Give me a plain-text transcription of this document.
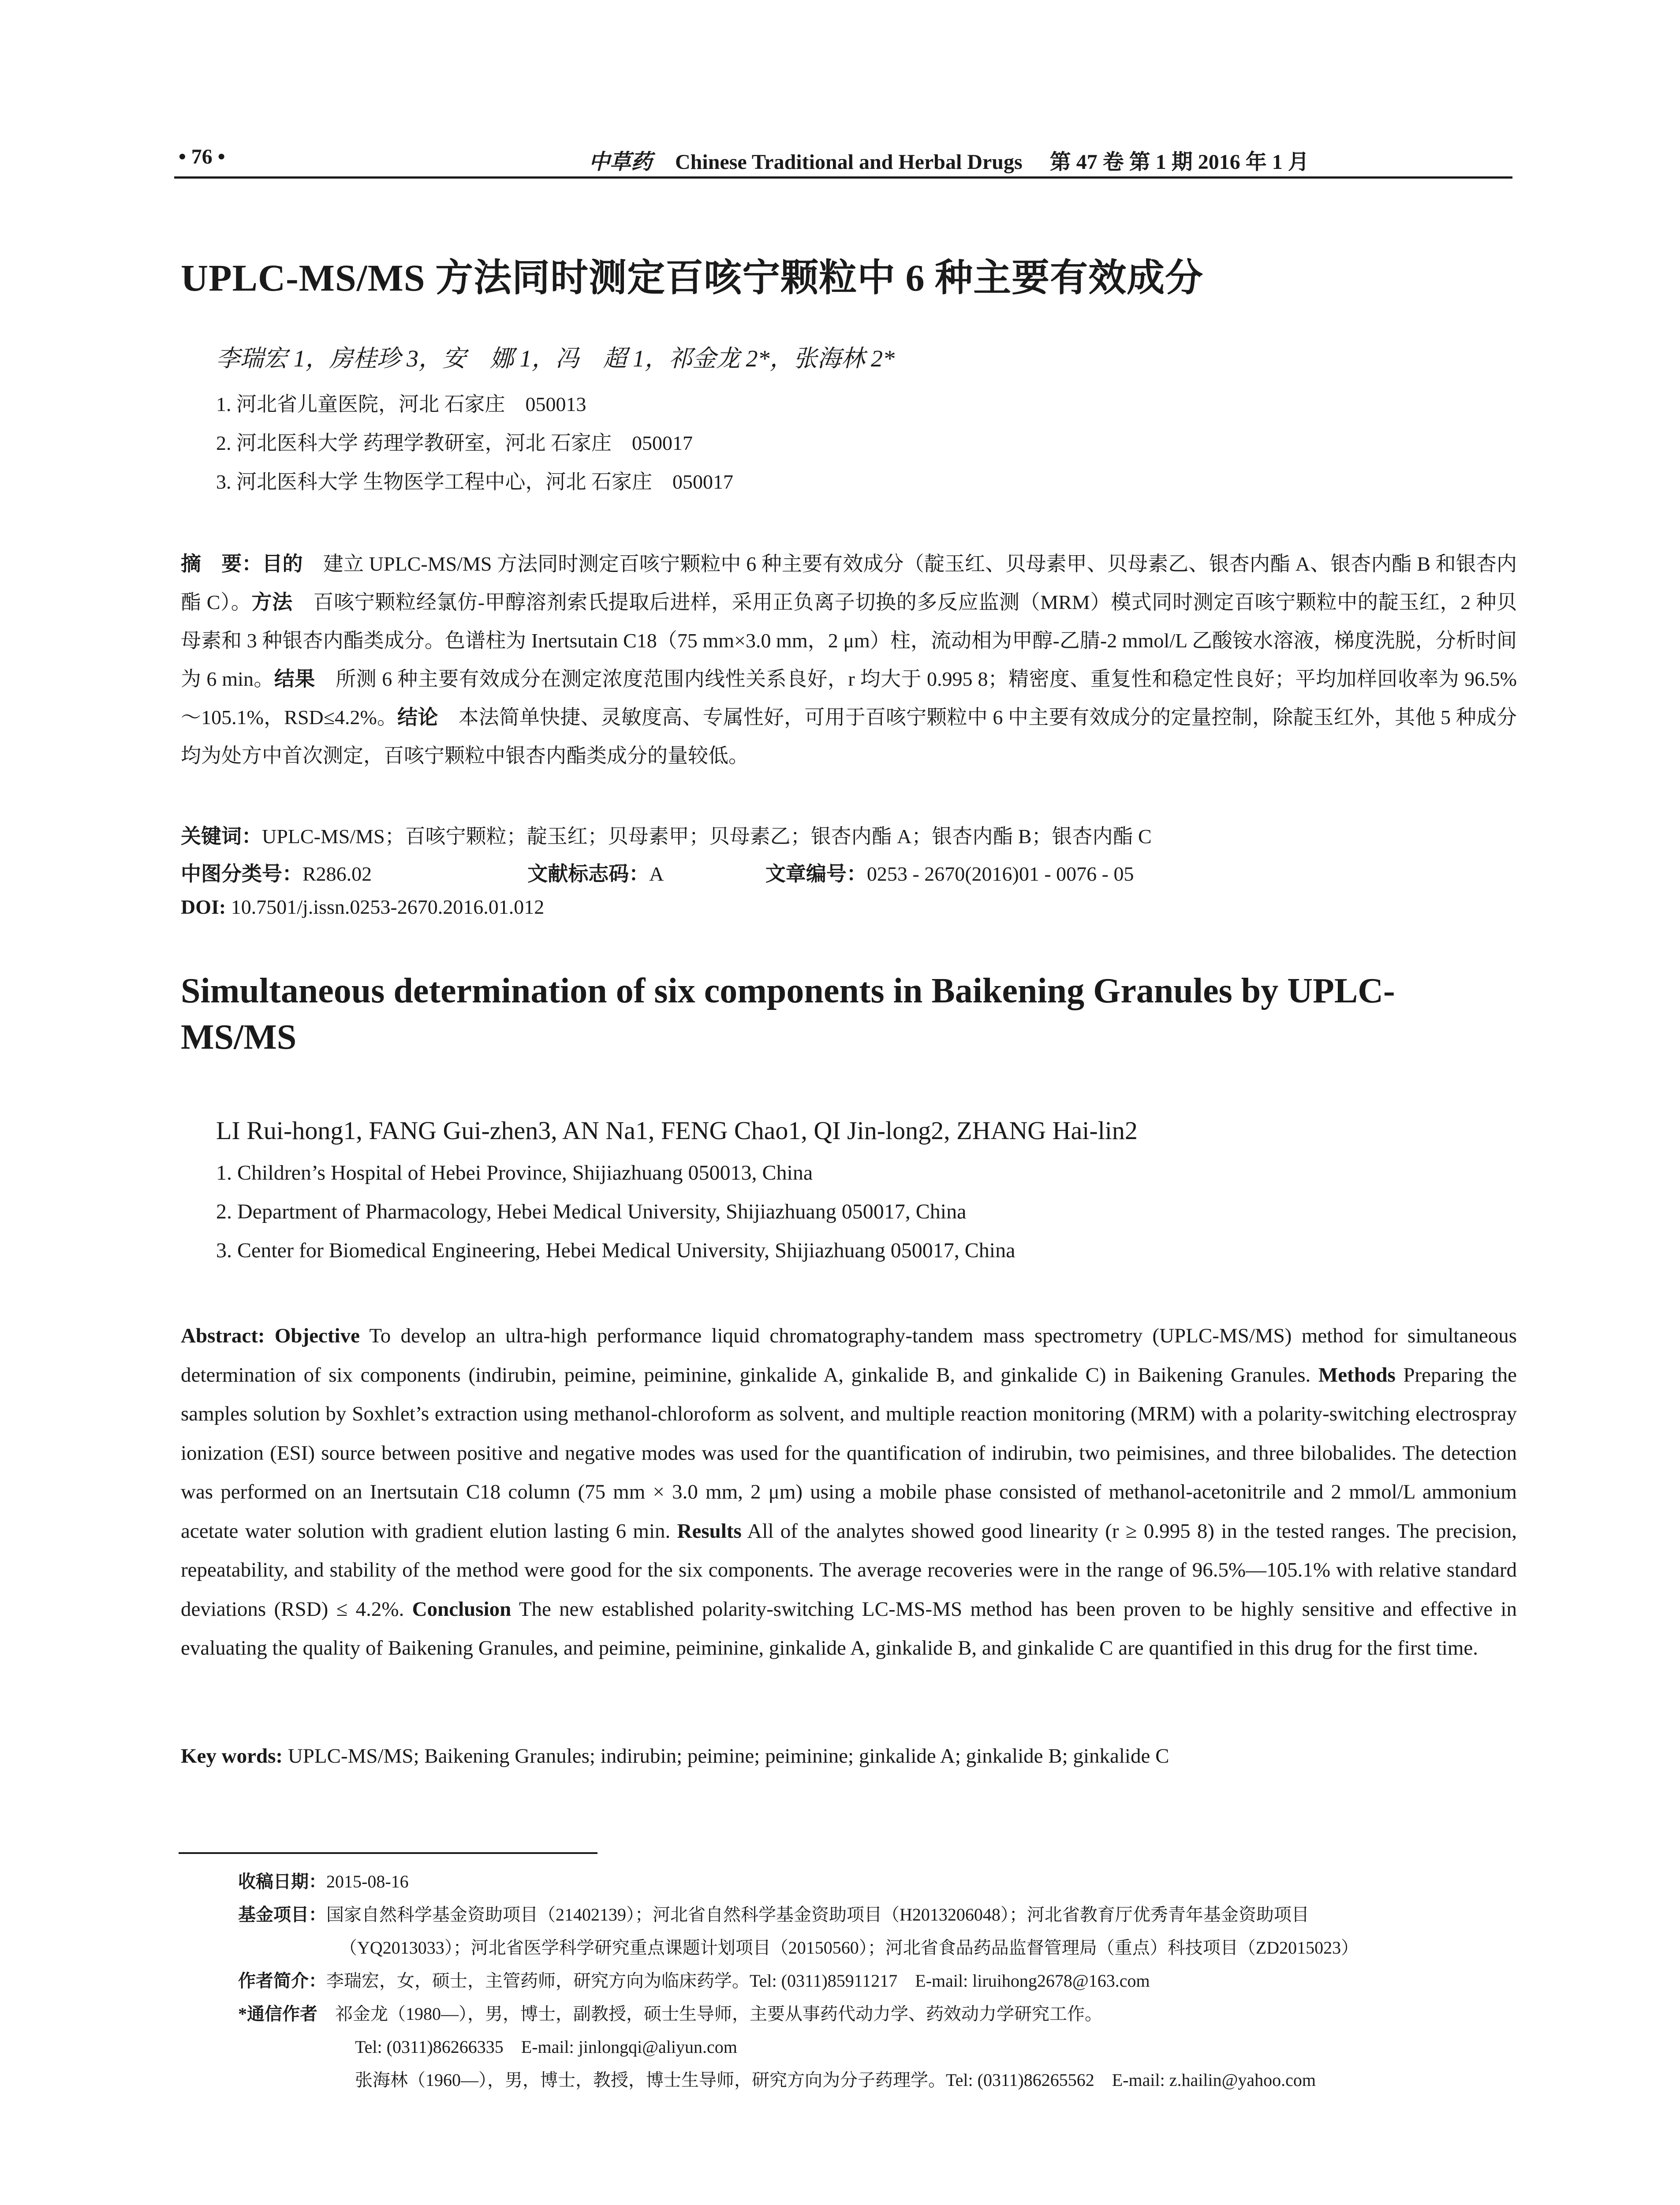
• 76 •	中草药 Chinese Traditional and Herbal Drugs 第 47 卷 第 1 期 2016 年 1 月
UPLC-MS/MS 方法同时测定百咳宁颗粒中 6 种主要有效成分
李瑞宏 1，房桂珍 3，安　娜 1，冯　超 1，祁金龙 2*，张海林 2*
1. 河北省儿童医院，河北 石家庄　050013
2. 河北医科大学 药理学教研室，河北 石家庄　050017
3. 河北医科大学 生物医学工程中心，河北 石家庄　050017
摘　要：目的　建立 UPLC-MS/MS 方法同时测定百咳宁颗粒中 6 种主要有效成分（靛玉红、贝母素甲、贝母素乙、银杏内酯 A、银杏内酯 B 和银杏内酯 C）。方法　百咳宁颗粒经氯仿-甲醇溶剂索氏提取后进样，采用正负离子切换的多反应监测（MRM）模式同时测定百咳宁颗粒中的靛玉红，2 种贝母素和 3 种银杏内酯类成分。色谱柱为 Inertsutain C18（75 mm×3.0 mm，2 μm）柱，流动相为甲醇-乙腈-2 mmol/L 乙酸铵水溶液，梯度洗脱，分析时间为 6 min。结果　所测 6 种主要有效成分在测定浓度范围内线性关系良好，r 均大于 0.995 8；精密度、重复性和稳定性良好；平均加样回收率为 96.5%～105.1%，RSD≤4.2%。结论　本法简单快捷、灵敏度高、专属性好，可用于百咳宁颗粒中 6 中主要有效成分的定量控制，除靛玉红外，其他 5 种成分均为处方中首次测定，百咳宁颗粒中银杏内酯类成分的量较低。
关键词：UPLC-MS/MS；百咳宁颗粒；靛玉红；贝母素甲；贝母素乙；银杏内酯 A；银杏内酯 B；银杏内酯 C
中图分类号：R286.02	文献标志码：A	文章编号：0253 - 2670(2016)01 - 0076 - 05
DOI: 10.7501/j.issn.0253-2670.2016.01.012
Simultaneous determination of six components in Baikening Granules by UPLC-MS/MS
LI Rui-hong1, FANG Gui-zhen3, AN Na1, FENG Chao1, QI Jin-long2, ZHANG Hai-lin2
1. Children’s Hospital of Hebei Province, Shijiazhuang 050013, China
2. Department of Pharmacology, Hebei Medical University, Shijiazhuang 050017, China
3. Center for Biomedical Engineering, Hebei Medical University, Shijiazhuang 050017, China
Abstract: Objective To develop an ultra-high performance liquid chromatography-tandem mass spectrometry (UPLC-MS/MS) method for simultaneous determination of six components (indirubin, peimine, peiminine, ginkalide A, ginkalide B, and ginkalide C) in Baikening Granules. Methods Preparing the samples solution by Soxhlet’s extraction using methanol-chloroform as solvent, and multiple reaction monitoring (MRM) with a polarity-switching electrospray ionization (ESI) source between positive and negative modes was used for the quantification of indirubin, two peimisines, and three bilobalides. The detection was performed on an Inertsutain C18 column (75 mm × 3.0 mm, 2 μm) using a mobile phase consisted of methanol-acetonitrile and 2 mmol/L ammonium acetate water solution with gradient elution lasting 6 min. Results All of the analytes showed good linearity (r ≥ 0.995 8) in the tested ranges. The precision, repeatability, and stability of the method were good for the six components. The average recoveries were in the range of 96.5%—105.1% with relative standard deviations (RSD) ≤ 4.2%. Conclusion The new established polarity-switching LC-MS-MS method has been proven to be highly sensitive and effective in evaluating the quality of Baikening Granules, and peimine, peiminine, ginkalide A, ginkalide B, and ginkalide C are quantified in this drug for the first time.
Key words: UPLC-MS/MS; Baikening Granules; indirubin; peimine; peiminine; ginkalide A; ginkalide B; ginkalide C
收稿日期：2015-08-16
基金项目：国家自然科学基金资助项目（21402139）；河北省自然科学基金资助项目（H2013206048）；河北省教育厅优秀青年基金资助项目
（YQ2013033）；河北省医学科学研究重点课题计划项目（20150560）；河北省食品药品监督管理局（重点）科技项目（ZD2015023）
作者简介：李瑞宏，女，硕士，主管药师，研究方向为临床药学。Tel: (0311)85911217　E-mail: liruihong2678@163.com
*通信作者　祁金龙（1980—），男，博士，副教授，硕士生导师，主要从事药代动力学、药效动力学研究工作。
Tel: (0311)86266335　E-mail: jinlongqi@aliyun.com
张海林（1960—），男，博士，教授，博士生导师，研究方向为分子药理学。Tel: (0311)86265562　E-mail: z.hailin@yahoo.com
